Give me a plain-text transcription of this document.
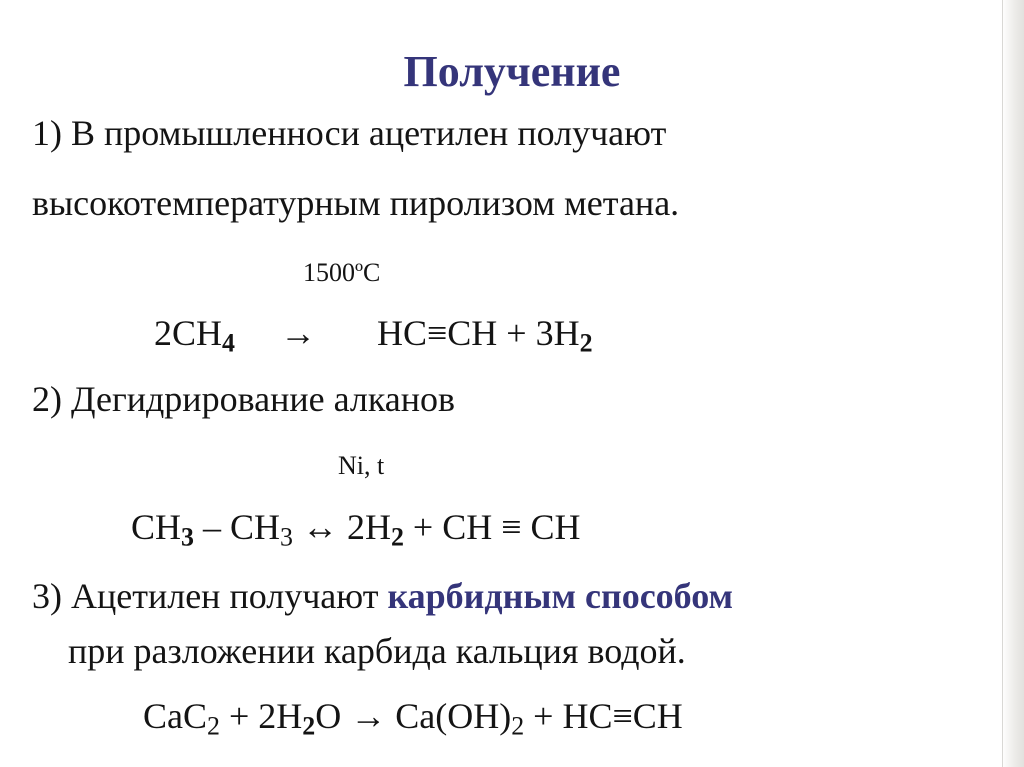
Получение
1) В промышленноси ацетилен получают
высокотемпературным пиролизом метана.
1500ºC
$2CH_4 \to HC\equiv CH + 3H_2$
2) Дегидрирование алканов
Ni, t
$CH_3 - CH_3$ ↔ $2H_2$ + CH ≡ CH
3) Ацетилен получают карбидным способом
при разложении карбида кальция водой.
$CaC_2 + 2H_2O \to Ca(OH)_2 + HC\equiv CH$
